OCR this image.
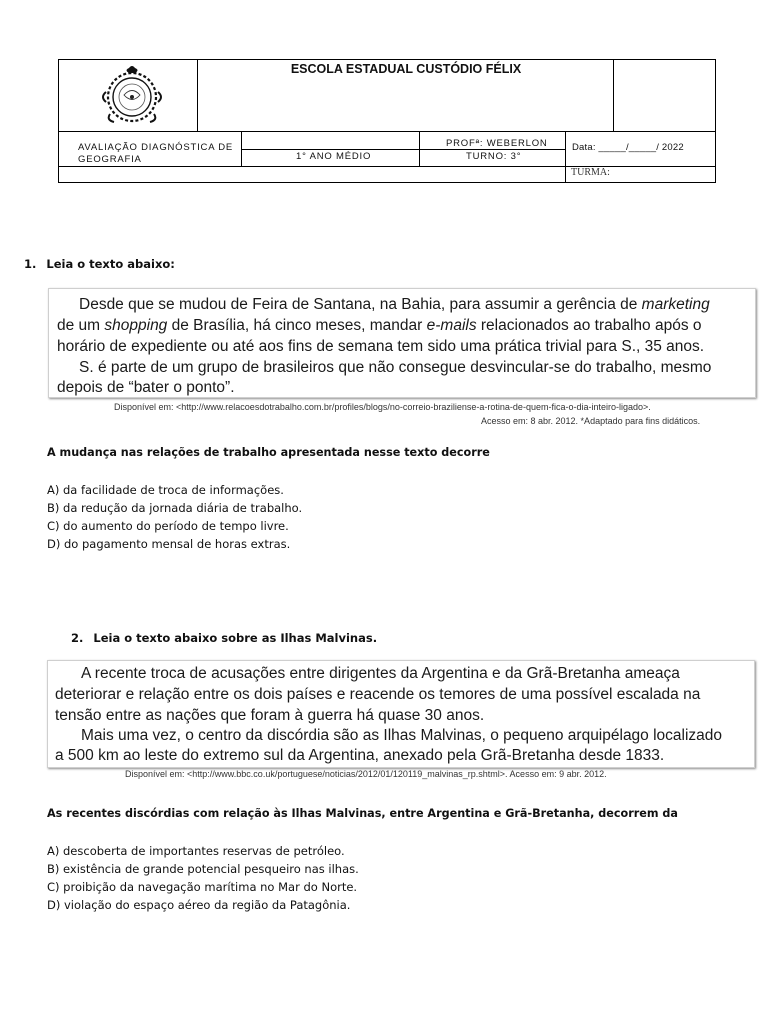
ESCOLA ESTADUAL CUSTÓDIO FÉLIX
AVALIAÇÃO DIAGNÓSTICA DE
GEOGRAFIA	1° ANO MÉDIO
PROFª: WEBERLON
TURNO: 3°
Data: _____/_____/ 2022
TURMA:
1. Leia o texto abaixo:
Desde que se mudou de Feira de Santana, na Bahia, para assumir a gerência de marketing
de um shopping de Brasília, há cinco meses, mandar e-mails relacionados ao trabalho após o
horário de expediente ou até aos fins de semana tem sido uma prática trivial para S., 35 anos.
S. é parte de um grupo de brasileiros que não consegue desvincular-se do trabalho, mesmo
depois de “bater o ponto”.
Disponível em: <http://www.relacoesdotrabalho.com.br/profiles/blogs/no-correio-braziliense-a-rotina-de-quem-fica-o-dia-inteiro-ligado>.
Acesso em: 8 abr. 2012. *Adaptado para fins didáticos.
A mudança nas relações de trabalho apresentada nesse texto decorre
A) da facilidade de troca de informações.
B) da redução da jornada diária de trabalho.
C) do aumento do período de tempo livre.
D) do pagamento mensal de horas extras.
2. Leia o texto abaixo sobre as Ilhas Malvinas.
A recente troca de acusações entre dirigentes da Argentina e da Grã-Bretanha ameaça
deteriorar e relação entre os dois países e reacende os temores de uma possível escalada na
tensão entre as nações que foram à guerra há quase 30 anos.
Mais uma vez, o centro da discórdia são as Ilhas Malvinas, o pequeno arquipélago localizado
a 500 km ao leste do extremo sul da Argentina, anexado pela Grã-Bretanha desde 1833.
Disponível em: <http://www.bbc.co.uk/portuguese/noticias/2012/01/120119_malvinas_rp.shtml>. Acesso em: 9 abr. 2012.
As recentes discórdias com relação às Ilhas Malvinas, entre Argentina e Grã-Bretanha, decorrem da
A) descoberta de importantes reservas de petróleo.
B) existência de grande potencial pesqueiro nas ilhas.
C) proibição da navegação marítima no Mar do Norte.
D) violação do espaço aéreo da região da Patagônia.
